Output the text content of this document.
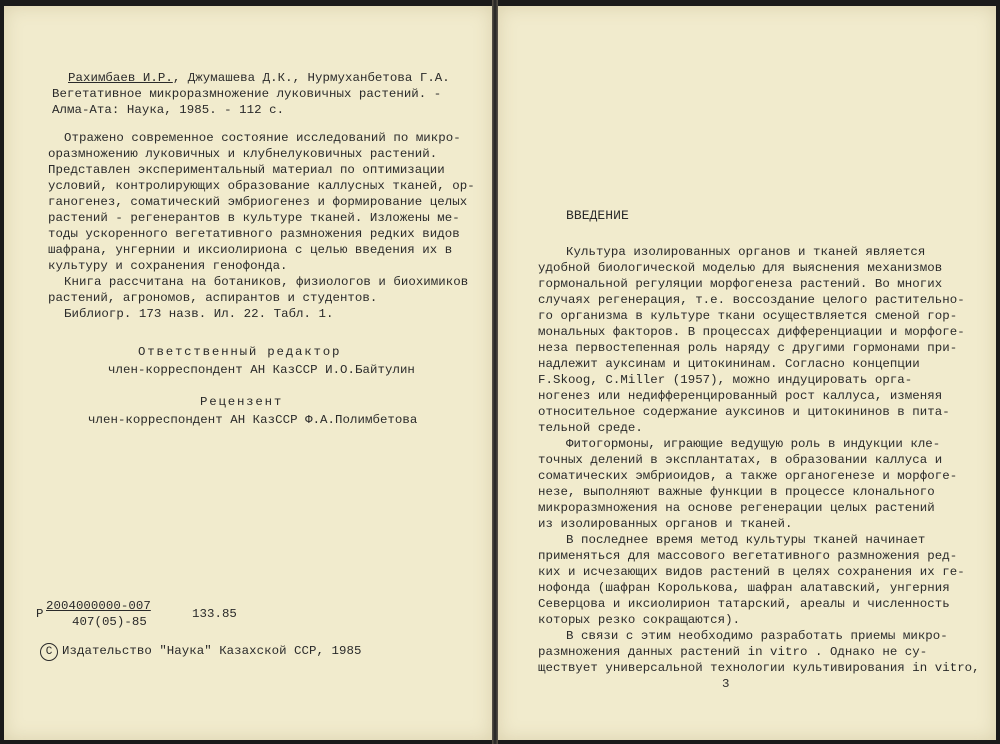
Рахимбаев И.Р., Джумашева Д.К., Нурмуханбетова Г.А.
Вегетативное микроразмножение луковичных растений. -
Алма-Ата: Наука, 1985. - 112 с.
Отражено современное состояние исследований по микро-
оразмножению луковичных и клубнелуковичных растений.
Представлен экспериментальный материал по оптимизации
условий, контролирующих образование каллусных тканей, ор-
ганогенез, соматический эмбриогенез и формирование целых
растений - регенерантов в культуре тканей. Изложены ме-
тоды ускоренного вегетативного размножения редких видов
шафрана, унгернии и иксиолириона с целью введения их в
культуру и сохранения генофонда.
Книга рассчитана на ботаников, физиологов и биохимиков
растений, агрономов, аспирантов и студентов.
Библиогр. 173 назв. Ил. 22. Табл. 1.
Ответственный редактор
член-корреспондент АН КазССР И.О.Байтулин
Рецензент
член-корреспондент АН КазССР Ф.А.Полимбетова
Р
2004000000-007
407(05)-85
133.85
C Издательство "Наука" Казахской ССР, 1985
ВВЕДЕНИЕ
Культура изолированных органов и тканей является
удобной биологической моделью для выяснения механизмов
гормональной регуляции морфогенеза растений. Во многих
случаях регенерация, т.е. воссоздание целого растительно-
го организма в культуре ткани осуществляется сменой гор-
мональных факторов. В процессах дифференциации и морфоге-
неза первостепенная роль наряду с другими гормонами при-
надлежит ауксинам и цитокининам. Согласно концепции
F.Skoog, C.Miller (1957), можно индуцировать орга-
ногенез или недифференцированный рост каллуса, изменяя
относительное содержание ауксинов и цитокининов в пита-
тельной среде.
Фитогормоны, играющие ведущую роль в индукции кле-
точных делений в эксплантатах, в образовании каллуса и
соматических эмбриоидов, а также органогенезе и морфоге-
незе, выполняют важные функции в процессе клонального
микроразмножения на основе регенерации целых растений
из изолированных органов и тканей.
В последнее время метод культуры тканей начинает
применяться для массового вегетативного размножения ред-
ких и исчезающих видов растений в целях сохранения их ге-
нофонда (шафран Королькова, шафран алатавский, унгерния
Северцова и иксиолирион татарский, ареалы и численность
которых резко сокращаются).
В связи с этим необходимо разработать приемы микро-
размножения данных растений in vitro . Однако не су-
ществует универсальной технологии культивирования in vitro,
3
